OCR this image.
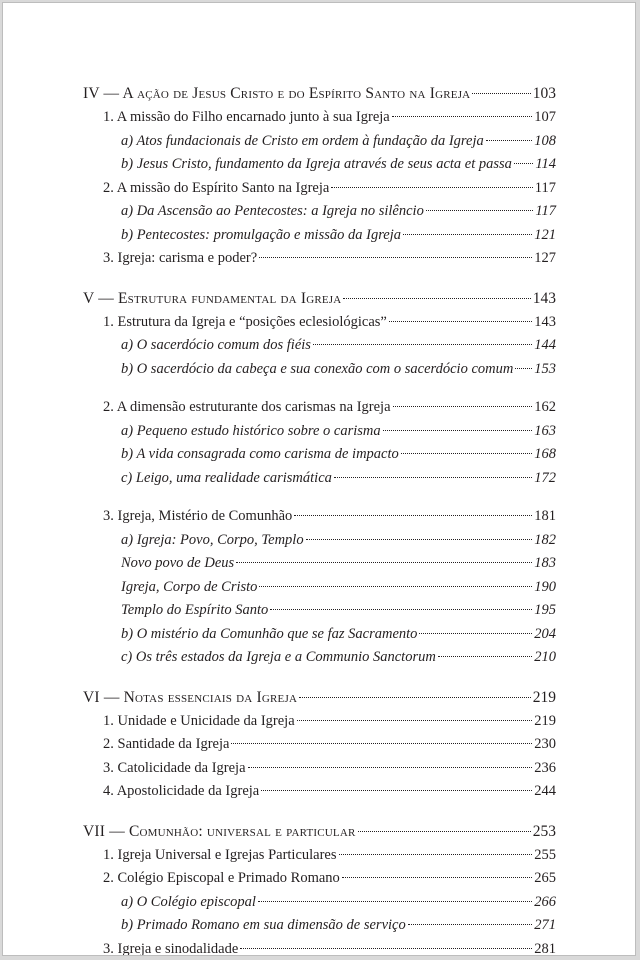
IV — A ação de Jesus Cristo e do Espírito Santo na Igreja	103
1. A missão do Filho encarnado junto à sua Igreja	107
a) Atos fundacionais de Cristo em ordem à fundação da Igreja	108
b) Jesus Cristo, fundamento da Igreja através de seus acta et passa 114
2. A missão do Espírito Santo na Igreja	117
a) Da Ascensão ao Pentecostes: a Igreja no silêncio	117
b) Pentecostes: promulgação e missão da Igreja	121
3. Igreja: carisma e poder?	127
V — Estrutura fundamental da Igreja	143
1. Estrutura da Igreja e “posições eclesiológicas”	143
a) O sacerdócio comum dos fiéis	144
b) O sacerdócio da cabeça e sua conexão com o sacerdócio comum 153
2. A dimensão estruturante dos carismas na Igreja	162
a) Pequeno estudo histórico sobre o carisma	163
b) A vida consagrada como carisma de impacto	168
c) Leigo, uma realidade carismática	172
3. Igreja, Mistério de Comunhão	181
a) Igreja: Povo, Corpo, Templo	182
Novo povo de Deus	183
Igreja, Corpo de Cristo	190
Templo do Espírito Santo	195
b) O mistério da Comunhão que se faz Sacramento	204
c) Os três estados da Igreja e a Communio Sanctorum	210
VI — Notas essenciais da Igreja	219
1. Unidade e Unicidade da Igreja	219
2. Santidade da Igreja	230
3. Catolicidade da Igreja	236
4. Apostolicidade da Igreja	244
VII — Comunhão: universal e particular	253
1. Igreja Universal e Igrejas Particulares	255
2. Colégio Episcopal e Primado Romano	265
a) O Colégio episcopal	266
b) Primado Romano em sua dimensão de serviço	271
3. Igreja e sinodalidade	281
